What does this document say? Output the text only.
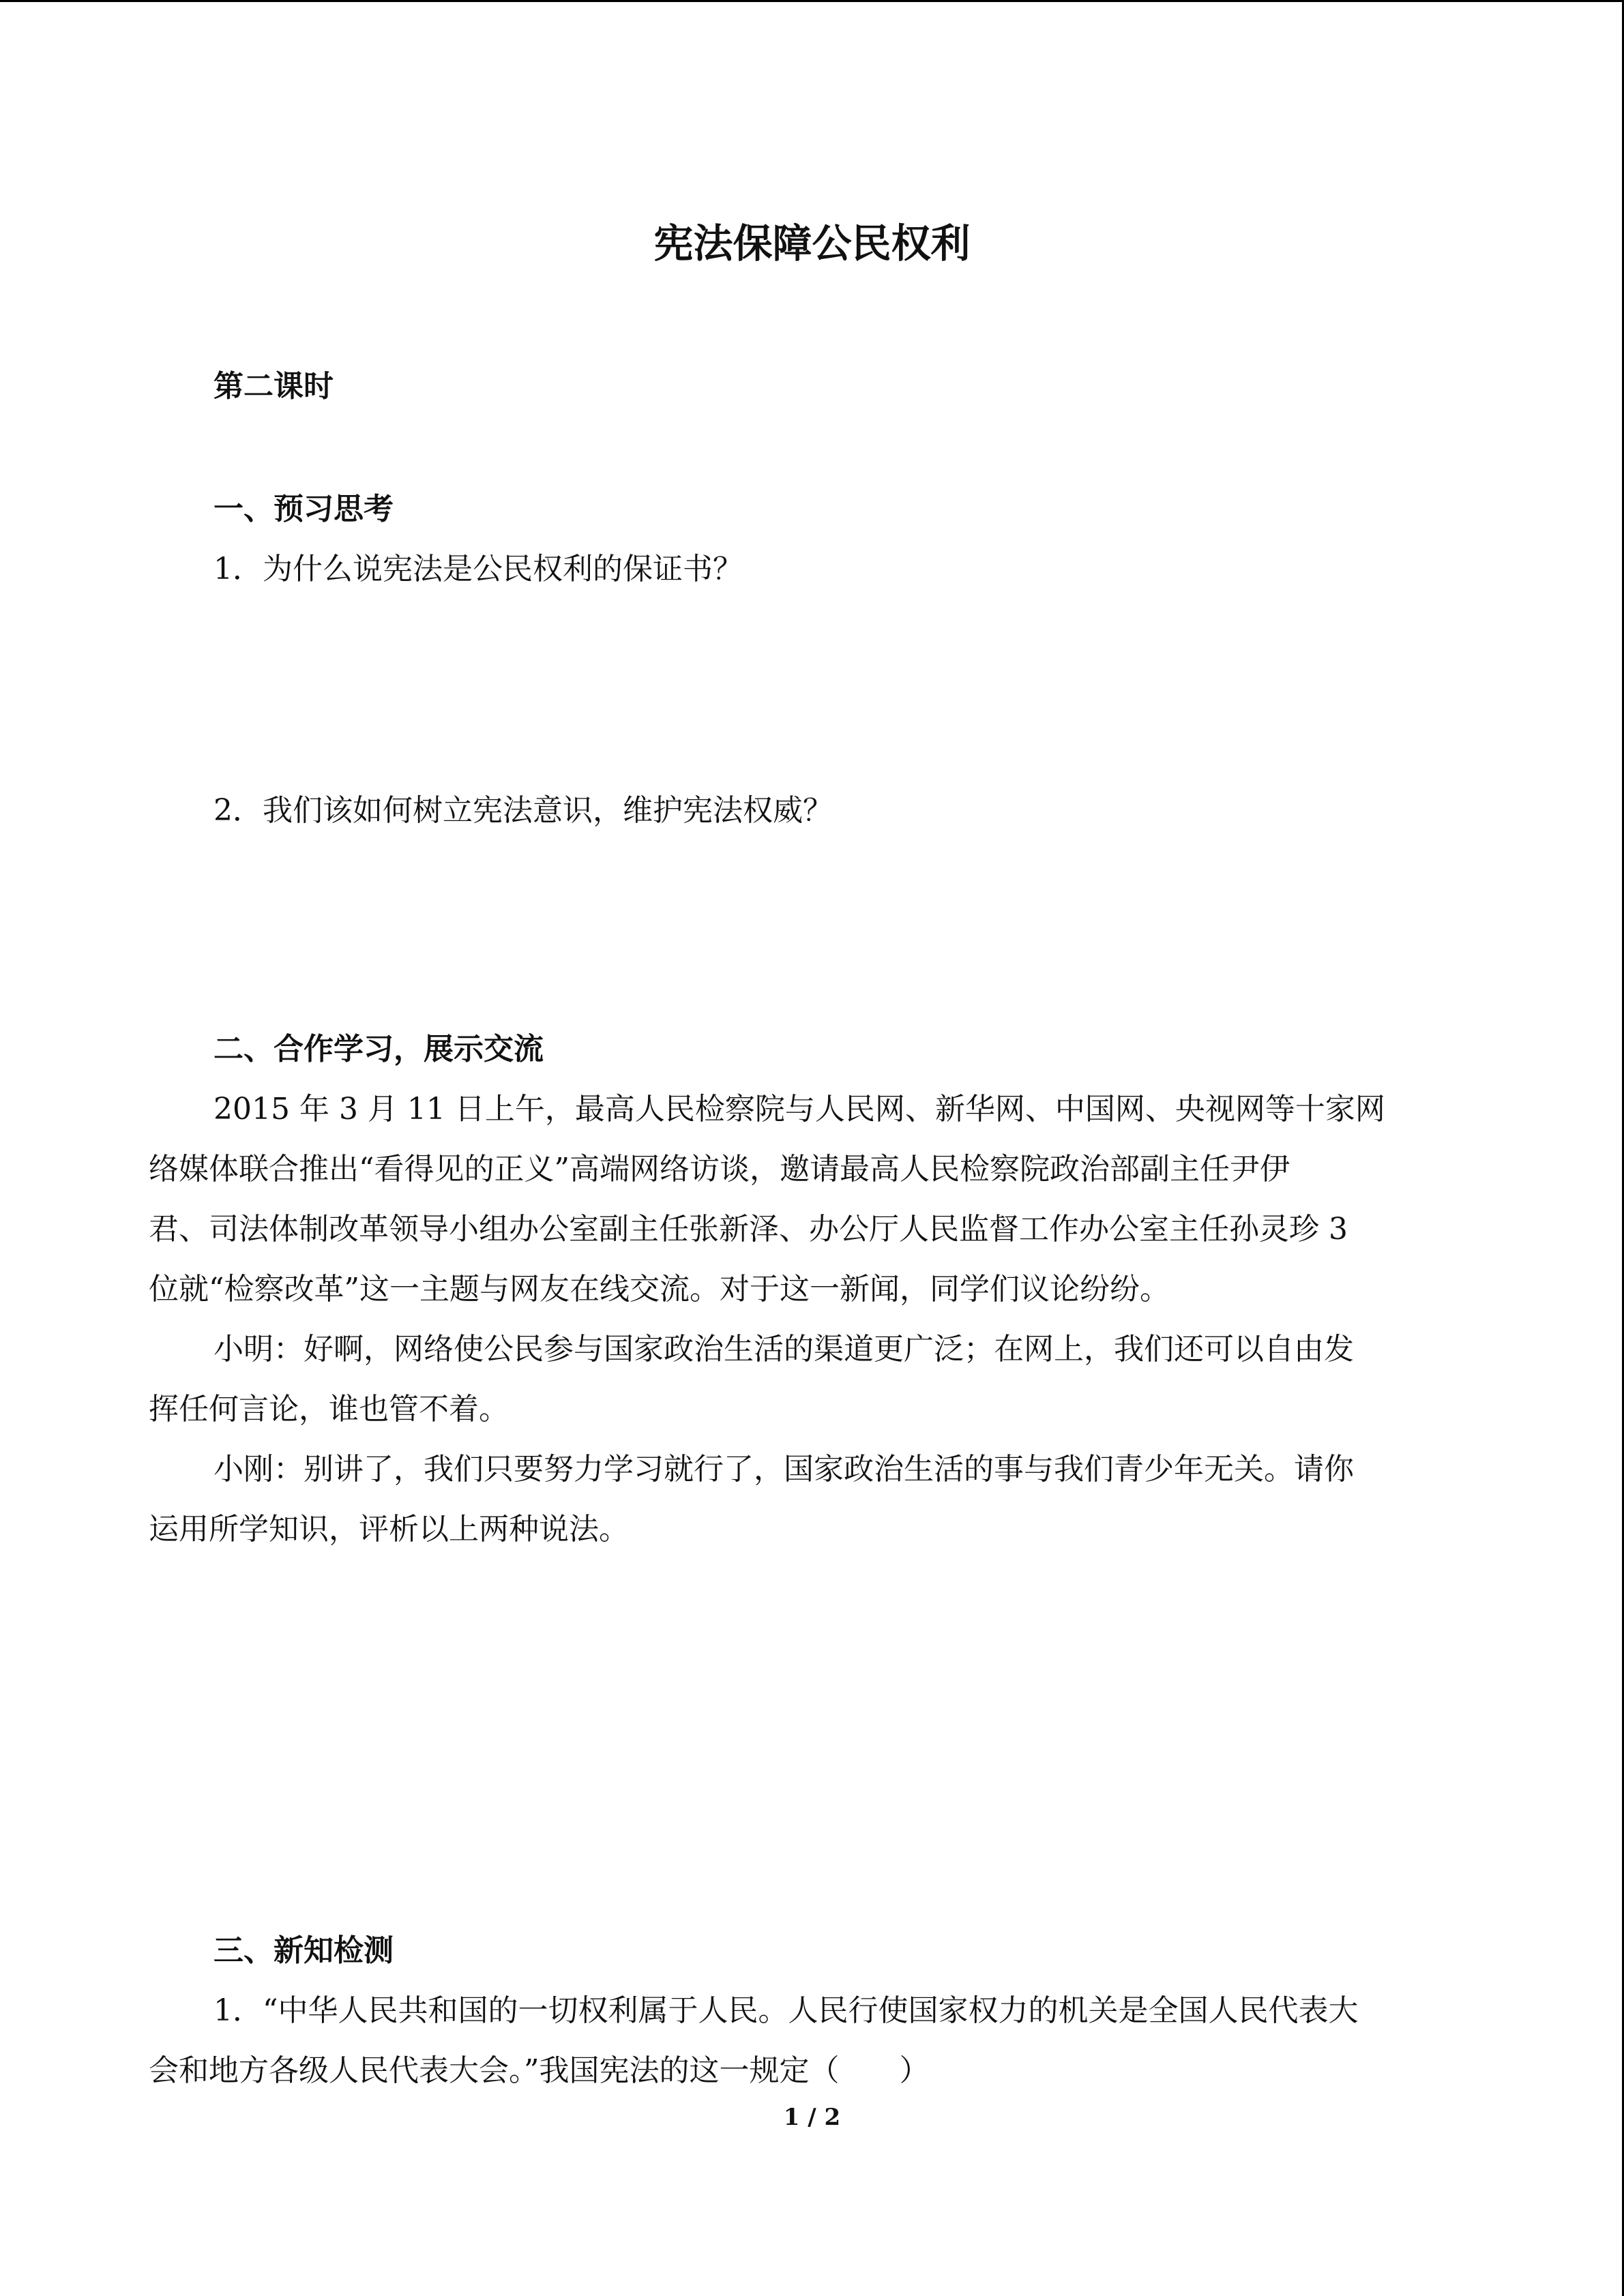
宪法保障公民权利
第二课时
一、预习思考
1．为什么说宪法是公民权利的保证书？
2．我们该如何树立宪法意识，维护宪法权威？
二、合作学习，展示交流
2015 年 3 月 11 日上午，最高人民检察院与人民网、新华网、中国网、央视网等十家网
络媒体联合推出“看得见的正义”高端网络访谈，邀请最高人民检察院政治部副主任尹伊
君、司法体制改革领导小组办公室副主任张新泽、办公厅人民监督工作办公室主任孙灵珍 3
位就“检察改革”这一主题与网友在线交流。对于这一新闻，同学们议论纷纷。
小明：好啊，网络使公民参与国家政治生活的渠道更广泛；在网上，我们还可以自由发
挥任何言论，谁也管不着。
小刚：别讲了，我们只要努力学习就行了，国家政治生活的事与我们青少年无关。请你
运用所学知识，评析以上两种说法。
三、新知检测
1．“中华人民共和国的一切权利属于人民。人民行使国家权力的机关是全国人民代表大
会和地方各级人民代表大会。”我国宪法的这一规定（　　）
1 / 2
